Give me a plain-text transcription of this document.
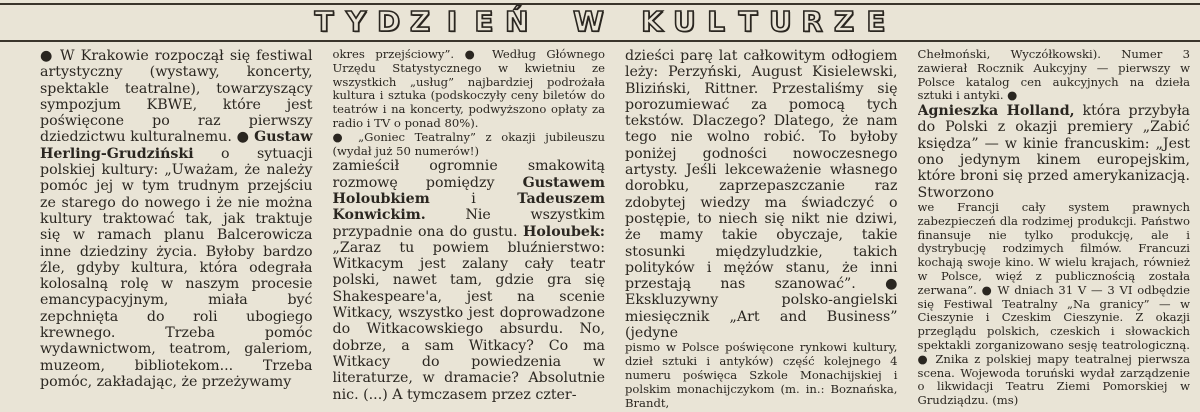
T Y D Z I E Ń W K U L T U R Z E

● W Krakowie rozpoczął się festiwal artystyczny (wystawy, koncerty, spektakle teatralne), towarzyszący sympozjum KBWE, które jest poświęcone po raz pierwszy dziedzictwu kulturalnemu. ● Gustaw Herling-Grudziński o sytuacji polskiej kultury: „Uważam, że należy pomóc jej w tym trudnym przejściu ze starego do nowego i że nie można kultury traktować tak, jak traktuje się w ramach planu Balcerowicza inne dziedziny życia. Byłoby bardzo źle, gdyby kultura, która odegrała kolosalną rolę w naszym procesie emancypacyjnym, miała być zepchnięta do roli ubogiego krewnego. Trzeba pomóc wydawnictwom, teatrom, galeriom, muzeom, bibliotekom... Trzeba pomóc, zakładając, że przeżywamy

okres przejściowy”. ● Według Głównego Urzędu Statystycznego w kwietniu ze wszystkich „usług” najbardziej podrożała kultura i sztuka (podskoczyły ceny biletów do teatrów i na koncerty, podwyższono opłaty za radio i TV o ponad 80%).

● „Goniec Teatralny” z okazji jubileuszu (wydał już 50 numerów!)

zamieścił ogromnie smakowitą rozmowę pomiędzy Gustawem Holoubkiem i Tadeuszem Konwickim. Nie wszystkim przypadnie ona do gustu. Holoubek: „Zaraz tu powiem bluźnierstwo: Witkacym jest zalany cały teatr polski, nawet tam, gdzie gra się Shakespeare'a, jest na scenie Witkacy, wszystko jest doprowadzone do Witkacowskiego absurdu. No, dobrze, a sam Witkacy? Co ma Witkacy do powiedzenia w literaturze, w dramacie? Absolutnie nic. (...) A tymczasem przez czter-

dzieści parę lat całkowitym odłogiem leży: Perzyński, August Kisielewski, Bliziński, Rittner. Przestaliśmy się porozumiewać za pomocą tych tekstów. Dlaczego? Dlatego, że nam tego nie wolno robić. To byłoby poniżej godności nowoczesnego artysty. Jeśli lekceważenie własnego dorobku, zaprzepaszczanie raz zdobytej wiedzy ma świadczyć o postępie, to niech się nikt nie dziwi, że mamy takie obyczaje, takie stosunki międzyludzkie, takich polityków i mężów stanu, że inni przestają nas szanować”. ● Ekskluzywny polsko-angielski miesięcznik „Art and Business” (jedyne

pismo w Polsce poświęcone rynkowi kultury, dzieł sztuki i antyków) część kolejnego 4 numeru poświęca Szkole Monachijskiej i polskim monachijczykom (m. in.: Boznańska, Brandt,

Chełmoński, Wyczółkowski). Numer 3 zawierał Rocznik Aukcyjny — pierwszy w Polsce katalog cen aukcyjnych na dzieła sztuki i antyki. ●

Agnieszka Holland, która przybyła do Polski z okazji premiery „Zabić księdza” — w kinie francuskim: „Jest ono jedynym kinem europejskim, które broni się przed amerykanizacją. Stworzono

we Francji cały system prawnych zabezpieczeń dla rodzimej produkcji. Państwo finansuje nie tylko produkcję, ale i dystrybucję rodzimych filmów. Francuzi kochają swoje kino. W wielu krajach, również w Polsce, więź z publicznością została zerwana”. ● W dniach 31 V — 3 VI odbędzie się Festiwal Teatralny „Na granicy” — w Cieszynie i Czeskim Cieszynie. Z okazji przeglądu polskich, czeskich i słowackich spektakli zorganizowano sesję teatrologiczną. ● Znika z polskiej mapy teatralnej pierwsza scena. Wojewoda toruński wydał zarządzenie o likwidacji Teatru Ziemi Pomorskiej w Grudziądzu. (ms)
